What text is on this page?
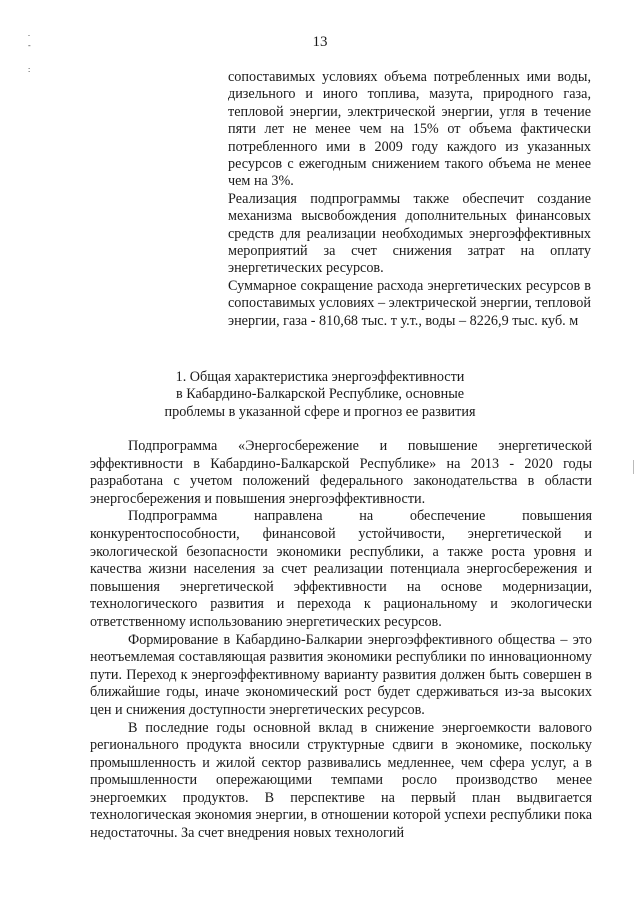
.
-
:
13

сопоставимых условиях объема потребленных ими воды, дизельного и иного топлива, мазута, природного газа, тепловой энергии, электрической энергии, угля в течение пяти лет не менее чем на 15% от объема фактически потребленного ими в 2009 году каждого из указанных ресурсов с ежегодным снижением такого объема не менее чем на 3%.

Реализация подпрограммы также обеспечит создание механизма высвобождения дополнительных финансовых средств для реализации необходимых энергоэффективных мероприятий за счет снижения затрат на оплату энергетических ресурсов.

Суммарное сокращение расхода энергетических ресурсов в сопоставимых условиях – электрической энергии, тепловой энергии, газа - 810,68 тыс. т у.т., воды – 8226,9 тыс. куб. м

1. Общая характеристика энергоэффективности
в Кабардино-Балкарской Республике, основные
проблемы в указанной сфере и прогноз ее развития

Подпрограмма «Энергосбережение и повышение энергетической эффективности в Кабардино-Балкарской Республике» на 2013 - 2020 годы разработана с учетом положений федерального законодательства в области энергосбережения и повышения энергоэффективности.

Подпрограмма направлена на обеспечение повышения конкурентоспособности, финансовой устойчивости, энергетической и экологической безопасности экономики республики, а также роста уровня и качества жизни населения за счет реализации потенциала энергосбережения и повышения энергетической эффективности на основе модернизации, технологического развития и перехода к рациональному и экологически ответственному использованию энергетических ресурсов.

Формирование в Кабардино-Балкарии энергоэффективного общества – это неотъемлемая составляющая развития экономики республики по инновационному пути. Переход к энергоэффективному варианту развития должен быть совершен в ближайшие годы, иначе экономический рост будет сдерживаться из-за высоких цен и снижения доступности энергетических ресурсов.

В последние годы основной вклад в снижение энергоемкости валового регионального продукта вносили структурные сдвиги в экономике, поскольку промышленность и жилой сектор развивались медленнее, чем сфера услуг, а в промышленности опережающими темпами росло производство менее энергоемких продуктов. В перспективе на первый план выдвигается технологическая экономия энергии, в отношении которой успехи республики пока недостаточны. За счет внедрения новых технологий
